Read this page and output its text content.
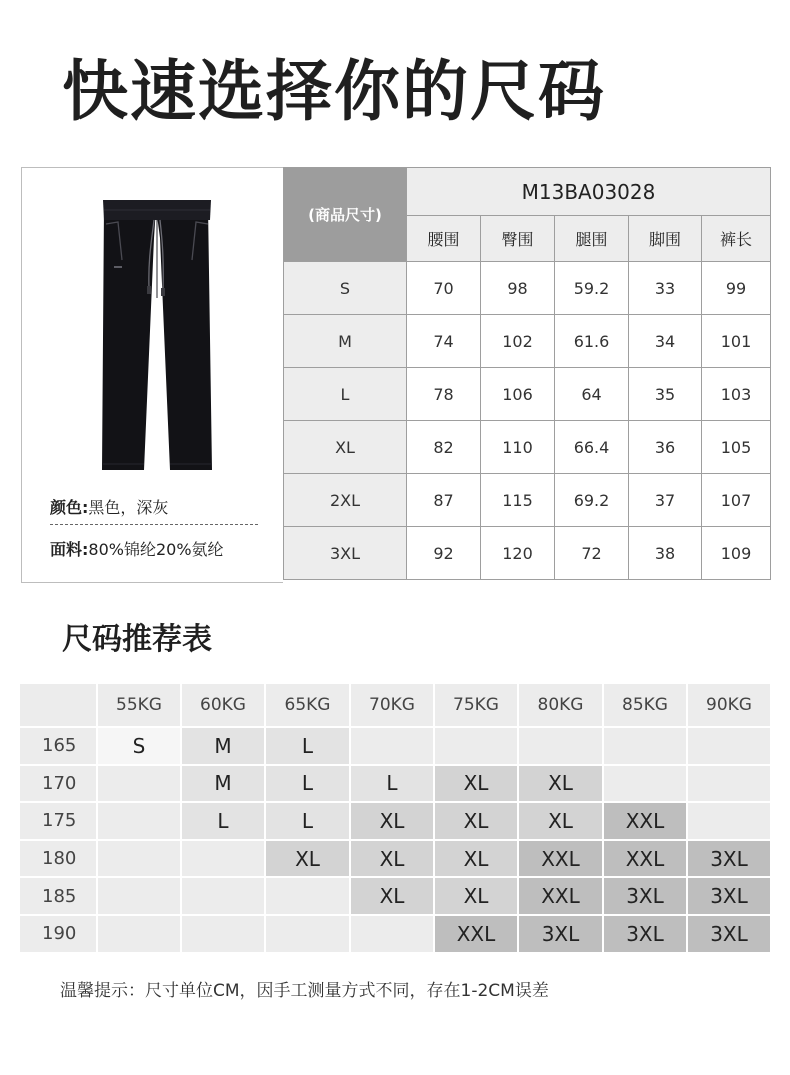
快速选择你的尺码
颜色:黑色，深灰
面料:80%锦纶20%氨纶
(商品尺寸)	M13BA03028				
	腰围	臀围	腿围	脚围	裤长
S	70	98	59.2	33	99
M	74	102	61.6	34	101
L	78	106	64	35	103
XL	82	110	66.4	36	105
2XL	87	115	69.2	37	107
3XL	92	120	72	38	109
尺码推荐表
	55KG	60KG	65KG	70KG	75KG	80KG	85KG	90KG
165	S	M	L					
170		M	L	L	XL	XL		
175		L	L	XL	XL	XL	XXL	
180			XL	XL	XL	XXL	XXL	3XL
185				XL	XL	XXL	3XL	3XL
190					XXL	3XL	3XL	3XL
温馨提示：尺寸单位CM，因手工测量方式不同，存在1-2CM误差
